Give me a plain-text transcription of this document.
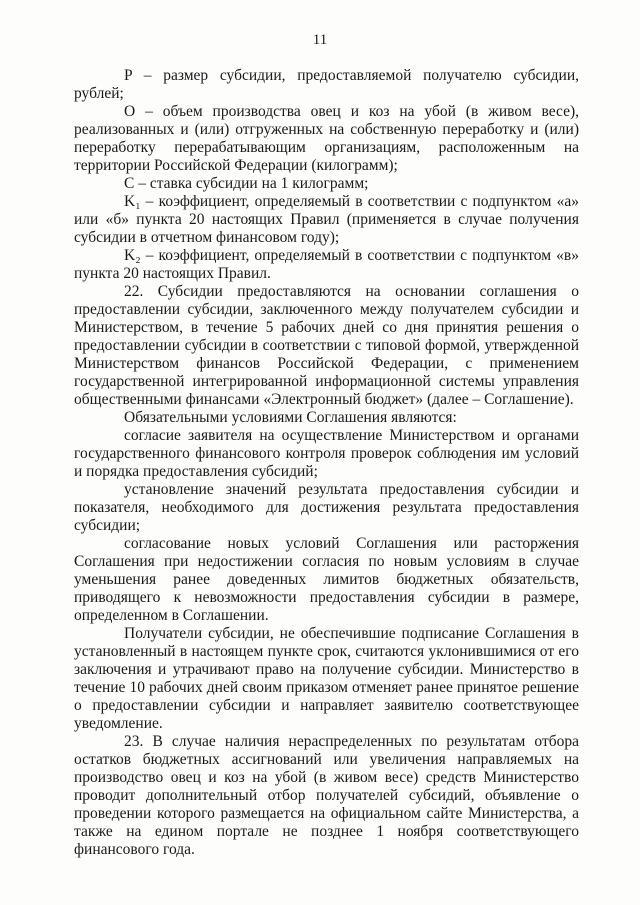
11

P – размер субсидии, предоставляемой получателю субсидии, рублей;

О – объем производства овец и коз на убой (в живом весе), реализованных и (или) отгруженных на собственную переработку и (или) переработку перерабатывающим организациям, расположенным на территории Российской Федерации (килограмм);

С – ставка субсидии на 1 килограмм;

K₁ – коэффициент, определяемый в соответствии с подпунктом «а» или «б» пункта 20 настоящих Правил (применяется в случае получения субсидии в отчетном финансовом году);

K₂ – коэффициент, определяемый в соответствии с подпунктом «в» пункта 20 настоящих Правил.

22. Субсидии предоставляются на основании соглашения о предоставлении субсидии, заключенного между получателем субсидии и Министерством, в течение 5 рабочих дней со дня принятия решения о предоставлении субсидии в соответствии с типовой формой, утвержденной Министерством финансов Российской Федерации, с применением государственной интегрированной информационной системы управления общественными финансами «Электронный бюджет» (далее – Соглашение).

Обязательными условиями Соглашения являются:

согласие заявителя на осуществление Министерством и органами государственного финансового контроля проверок соблюдения им условий и порядка предоставления субсидий;

установление значений результата предоставления субсидии и показателя, необходимого для достижения результата предоставления субсидии;

согласование новых условий Соглашения или расторжения Соглашения при недостижении согласия по новым условиям в случае уменьшения ранее доведенных лимитов бюджетных обязательств, приводящего к невозможности предоставления субсидии в размере, определенном в Соглашении.

Получатели субсидии, не обеспечившие подписание Соглашения в установленный в настоящем пункте срок, считаются уклонившимися от его заключения и утрачивают право на получение субсидии. Министерство в течение 10 рабочих дней своим приказом отменяет ранее принятое решение о предоставлении субсидии и направляет заявителю соответствующее уведомление.

23. В случае наличия нераспределенных по результатам отбора остатков бюджетных ассигнований или увеличения направляемых на производство овец и коз на убой (в живом весе) средств Министерство проводит дополнительный отбор получателей субсидий, объявление о проведении которого размещается на официальном сайте Министерства, а также на едином портале не позднее 1 ноября соответствующего финансового года.
